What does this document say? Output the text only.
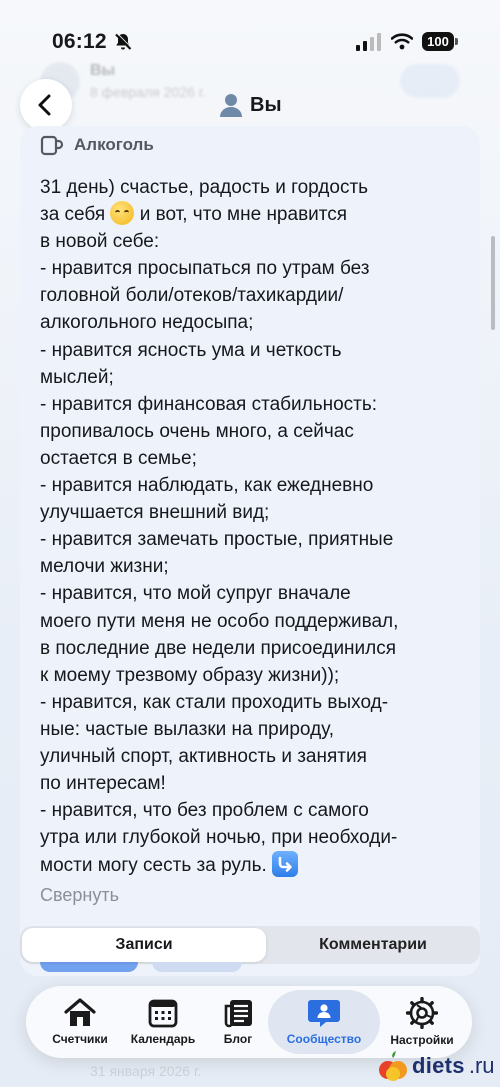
Вы
8 февраля 2026 г.
06:12	100
Вы
Алкоголь
31 день) счастье, радость и гордость
за себя и вот, что мне нравится
в новой себе:
- нравится просыпаться по утрам без
головной боли/отеков/тахикардии/
алкогольного недосыпа;
- нравится ясность ума и четкость
мыслей;
- нравится финансовая стабильность:
пропивалось очень много, а сейчас
остается в семье;
- нравится наблюдать, как ежедневно
улучшается внешний вид;
- нравится замечать простые, приятные
мелочи жизни;
- нравится, что мой супруг вначале
моего пути меня не особо поддерживал,
в последние две недели присоединился
к моему трезвому образу жизни));
- нравится, как стали проходить выход-
ные: частые вылазки на природу,
уличный спорт, активность и занятия
по интересам!
- нравится, что без проблем с самого
утра или глубокой ночью, при необходи-
мости могу сесть за руль.
Свернуть
Записи	Комментарии
Счетчики Календарь Блог	Сообщество Настройки
31 января 2026 г.	diets .ru
